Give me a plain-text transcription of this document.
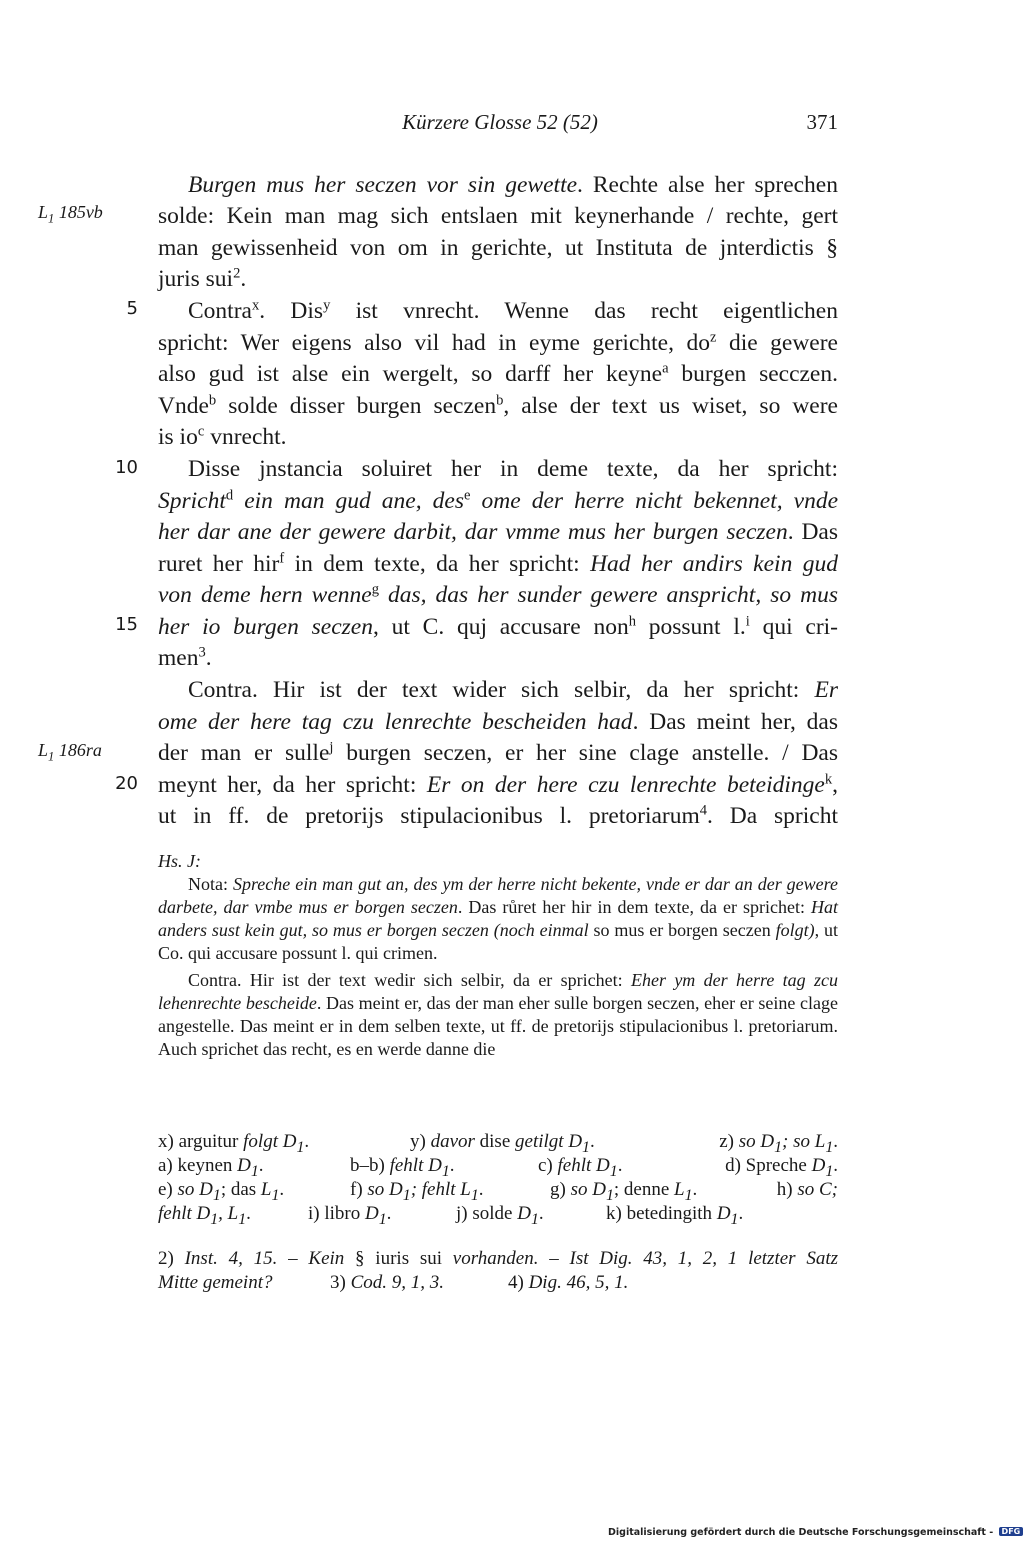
Kürzere Glosse 52 (52)	371
$L_1$ 185vb
$L_1$ 186ra
5
10
15
20
Burgen mus her seczen vor sin gewette. Rechte alse her sprechen
solde: Kein man mag sich entslaen mit keynerhande / rechte, gert
man gewissenheid von om in gerichte, ut Instituta de jnterdictis §
juris sui$^2$.
Contra$^x$. Dis$^y$ ist vnrecht. Wenne das recht eigentlichen
spricht: Wer eigens also vil had in eyme gerichte, $do^z$ die gewere
also gud ist alse ein wergelt, so darff her keyne$^a$ burgen secczen.
Vnde$^b$ solde disser burgen seczen$^b$, alse der text us wiset, so were
is $io^c$ vnrecht.
Disse jnstancia soluiret her in deme texte, da her spricht:
Spricht$^d$ ein man gud ane, des$^e$ ome der herre nicht bekennet, vnde
her dar ane der gewere darbit, dar vmme mus her burgen seczen. Das
ruret her hir$^f$ in dem texte, da her spricht: Had her andirs kein gud
von deme hern wenne$^g$ das, das her sunder gewere anspricht, so mus
her io burgen seczen, ut C. quj accusare non$^h$ possunt l.$^i$ qui cri-
men$^3$.
Contra. Hir ist der text wider sich selbir, da her spricht: Er
ome der here tag czu lenrechte bescheiden had. Das meint her, das
der man er sulle$^j$ burgen seczen, er her sine clage anstelle. / Das
meynt her, da her spricht: Er on der here czu lenrechte beteidinge$^k$,
ut in ff. de pretorijs stipulacionibus l. pretoriarum$^4$. Da spricht
Hs. J:

Nota: Spreche ein man gut an, des ym der herre nicht bekente, vnde er dar an der gewere darbete, dar vmbe mus er borgen seczen. Das růret her hir in dem texte, da er sprichet: Hat anders sust kein gut, so mus er borgen seczen (noch einmal so mus er borgen seczen folgt), ut Co. qui accusare possunt l. qui crimen.

Contra. Hir ist der text wedir sich selbir, da er sprichet: Eher ym der herre tag zcu lehenrechte bescheide. Das meint er, das der man eher sulle borgen seczen, eher er seine clage angestelle. Das meint er in dem selben texte, ut ff. de pretorijs stipulacionibus l. pretoriarum. Auch sprichet das recht, es en werde danne die

x) arguitur folgt $D_1$.	y) davor dise getilgt $D_1$.	z) so $D_1$; so $L_1$.
a) keynen $D_1$.	b–b) fehlt $D_1$.	c) fehlt $D_1$.	d) Spreche $D_1$.
e) so $D_1$; das $L_1$.	f) so $D_1$; fehlt $L_1$.	g) so $D_1$; denne $L_1$.	h) so C;
fehlt $D_1$, $L_1$.	i) libro $D_1$.	j) solde $D_1$.	k) betedingith $D_1$.
2) Inst. 4, 15. – Kein § iuris sui vorhanden. – Ist Dig. 43, 1, 2, 1 letzter Satz
Mitte gemeint?	3) Cod. 9, 1, 3.	4) Dig. 46, 5, 1.
Digitalisierung gefördert durch die Deutsche Forschungsgemeinschaft - DFG
